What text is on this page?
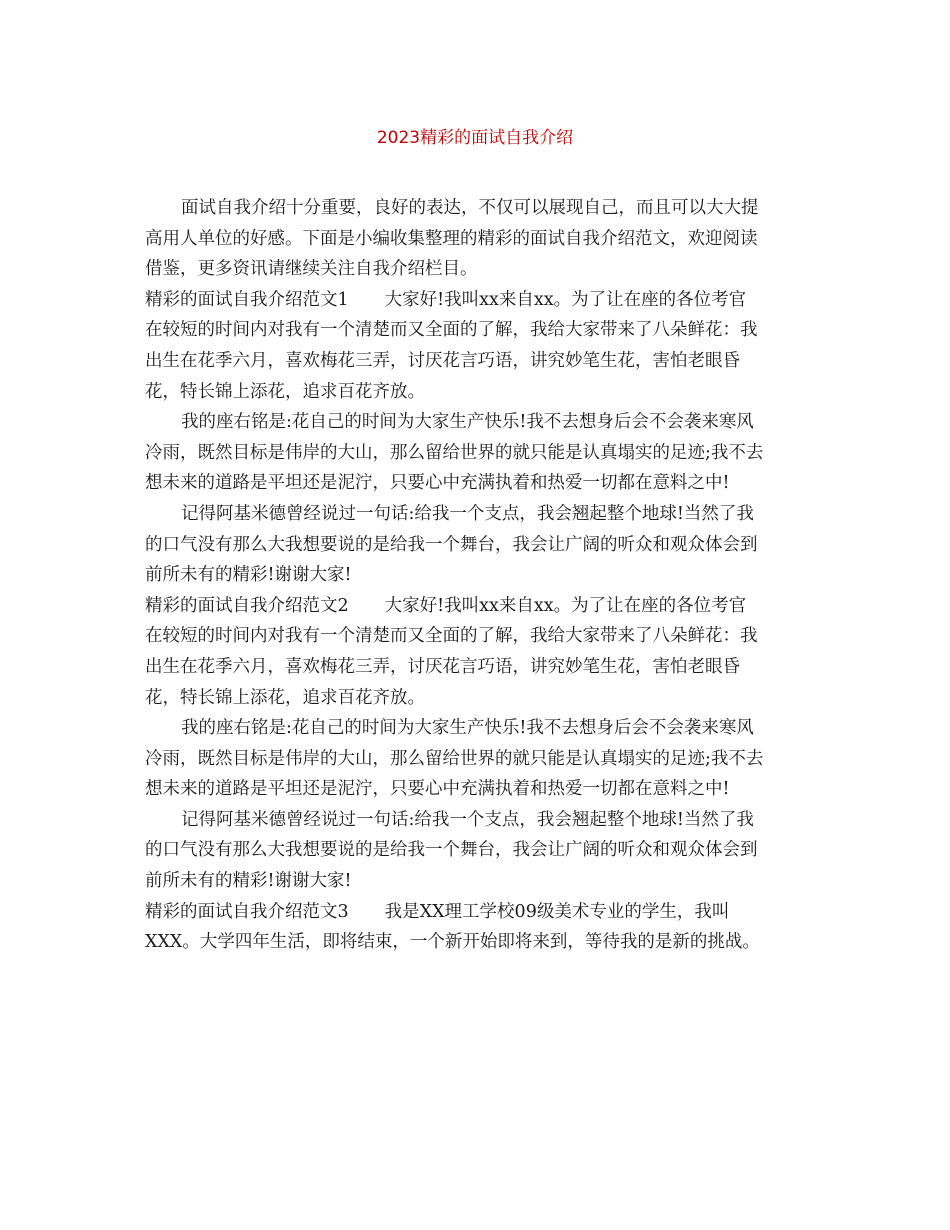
2023精彩的面试自我介绍
面试自我介绍十分重要，良好的表达，不仅可以展现自己，而且可以大大提
高用人单位的好感。下面是小编收集整理的精彩的面试自我介绍范文，欢迎阅读
借鉴，更多资讯请继续关注自我介绍栏目。
精彩的面试自我介绍范文1 大家好!我叫xx来自xx。为了让在座的各位考官
在较短的时间内对我有一个清楚而又全面的了解，我给大家带来了八朵鲜花：我
出生在花季六月，喜欢梅花三弄，讨厌花言巧语，讲究妙笔生花，害怕老眼昏
花，特长锦上添花，追求百花齐放。
我的座右铭是:花自己的时间为大家生产快乐!我不去想身后会不会袭来寒风
冷雨，既然目标是伟岸的大山，那么留给世界的就只能是认真塌实的足迹;我不去
想未来的道路是平坦还是泥泞，只要心中充满执着和热爱一切都在意料之中!
记得阿基米德曾经说过一句话:给我一个支点，我会翘起整个地球!当然了我
的口气没有那么大我想要说的是给我一个舞台，我会让广阔的听众和观众体会到
前所未有的精彩!谢谢大家!
精彩的面试自我介绍范文2 大家好!我叫xx来自xx。为了让在座的各位考官
在较短的时间内对我有一个清楚而又全面的了解，我给大家带来了八朵鲜花：我
出生在花季六月，喜欢梅花三弄，讨厌花言巧语，讲究妙笔生花，害怕老眼昏
花，特长锦上添花，追求百花齐放。
我的座右铭是:花自己的时间为大家生产快乐!我不去想身后会不会袭来寒风
冷雨，既然目标是伟岸的大山，那么留给世界的就只能是认真塌实的足迹;我不去
想未来的道路是平坦还是泥泞，只要心中充满执着和热爱一切都在意料之中!
记得阿基米德曾经说过一句话:给我一个支点，我会翘起整个地球!当然了我
的口气没有那么大我想要说的是给我一个舞台，我会让广阔的听众和观众体会到
前所未有的精彩!谢谢大家!
精彩的面试自我介绍范文3 我是XX理工学校09级美术专业的学生，我叫
XXX。大学四年生活，即将结束，一个新开始即将来到，等待我的是新的挑战。
